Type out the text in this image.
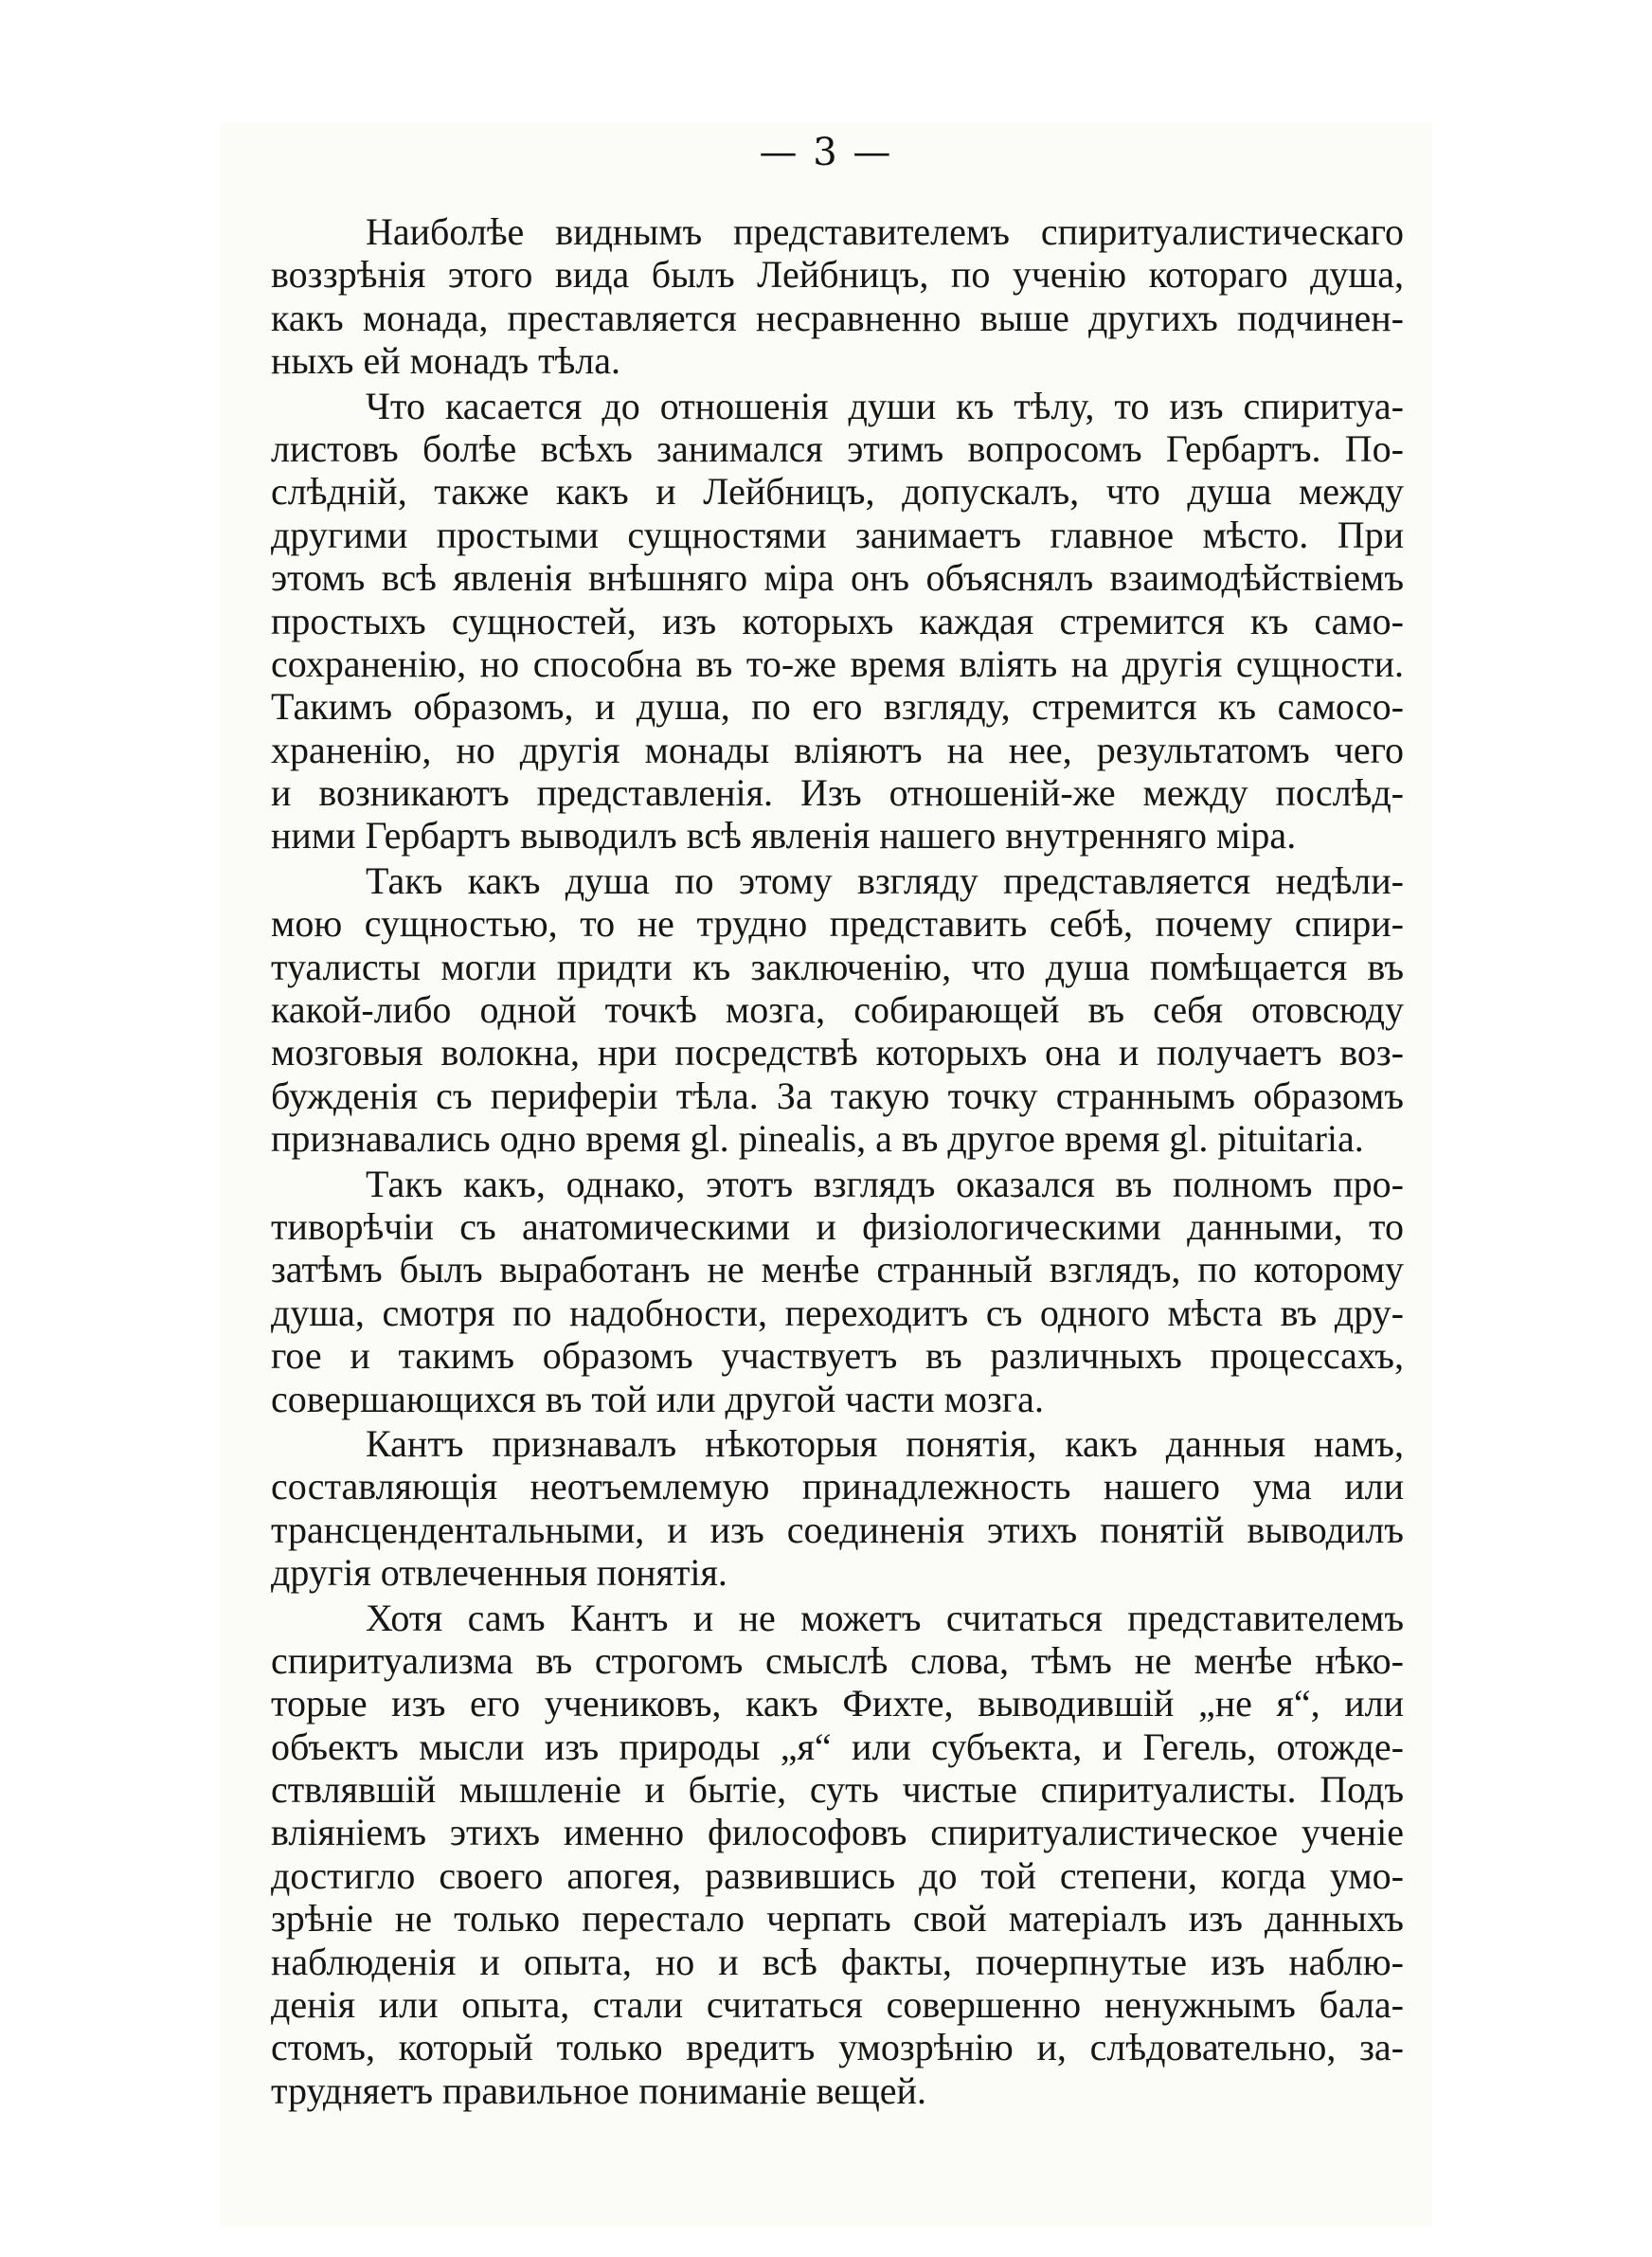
— 3 —
Наиболѣе виднымъ представителемъ спиритуалистическаго
воззрѣнія этого вида былъ Лейбницъ, по ученію котораго душа,
какъ монада, преставляется несравненно выше другихъ подчинен-
ныхъ ей монадъ тѣла.
Что касается до отношенія души къ тѣлу, то изъ спиритуа-
листовъ болѣе всѣхъ занимался этимъ вопросомъ Гербартъ. По-
слѣдній, также какъ и Лейбницъ, допускалъ, что душа между
другими простыми сущностями занимаетъ главное мѣсто. При
этомъ всѣ явленія внѣшняго міра онъ объяснялъ взаимодѣйствіемъ
простыхъ сущностей, изъ которыхъ каждая стремится къ само-
сохраненію, но способна въ то-же время вліять на другія сущности.
Такимъ образомъ, и душа, по его взгляду, стремится къ самосо-
храненію, но другія монады вліяютъ на нее, результатомъ чего
и возникаютъ представленія. Изъ отношеній-же между послѣд-
ними Гербартъ выводилъ всѣ явленія нашего внутренняго міра.
Такъ какъ душа по этому взгляду представляется недѣли-
мою сущностью, то не трудно представить себѣ, почему спири-
туалисты могли придти къ заключенію, что душа помѣщается въ
какой-либо одной точкѣ мозга, собирающей въ себя отовсюду
мозговыя волокна, нри посредствѣ которыхъ она и получаетъ воз-
бужденія съ периферіи тѣла. За такую точку страннымъ образомъ
признавались одно время gl. pinealis, а въ другое время gl. pituitaria.
Такъ какъ, однако, этотъ взглядъ оказался въ полномъ про-
тиворѣчіи съ анатомическими и физіологическими данными, то
затѣмъ былъ выработанъ не менѣе странный взглядъ, по которому
душа, смотря по надобности, переходитъ съ одного мѣста въ дру-
гое и такимъ образомъ участвуетъ въ различныхъ процессахъ,
совершающихся въ той или другой части мозга.
Кантъ признавалъ нѣкоторыя понятія, какъ данныя намъ,
составляющія неотъемлемую принадлежность нашего ума или
трансцендентальными, и изъ соединенія этихъ понятій выводилъ
другія отвлеченныя понятія.
Хотя самъ Кантъ и не можетъ считаться представителемъ
спиритуализма въ строгомъ смыслѣ слова, тѣмъ не менѣе нѣко-
торые изъ его учениковъ, какъ Фихте, выводившій „не я“, или
объектъ мысли изъ природы „я“ или субъекта, и Гегель, отожде-
ствлявшій мышленіе и бытіе, суть чистые спиритуалисты. Подъ
вліяніемъ этихъ именно философовъ спиритуалистическое ученіе
достигло своего апогея, развившись до той степени, когда умо-
зрѣніе не только перестало черпать свой матеріалъ изъ данныхъ
наблюденія и опыта, но и всѣ факты, почерпнутые изъ наблю-
денія или опыта, стали считаться совершенно ненужнымъ бала-
стомъ, который только вредитъ умозрѣнію и, слѣдовательно, за-
трудняетъ правильное пониманіе вещей.
